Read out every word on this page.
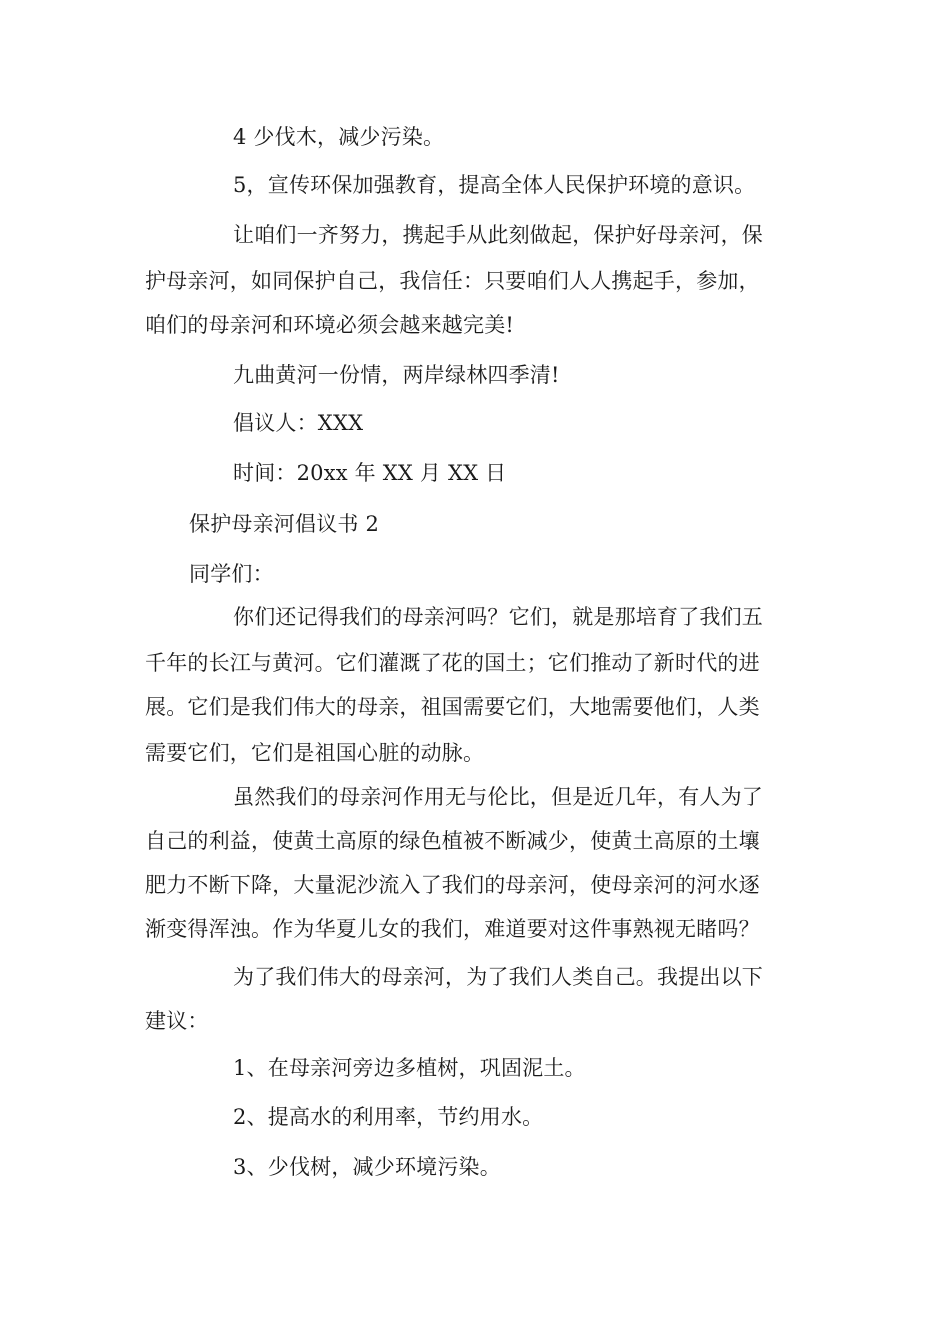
4 少伐木，减少污染。
5，宣传环保加强教育，提高全体人民保护环境的意识。
让咱们一齐努力，携起手从此刻做起，保护好母亲河，保
护母亲河，如同保护自己，我信任：只要咱们人人携起手，参加，
咱们的母亲河和环境必须会越来越完美!
九曲黄河一份情，两岸绿林四季清!
倡议人：XXX
时间：20xx 年 XX 月 XX 日
保护母亲河倡议书 2
同学们：
你们还记得我们的母亲河吗？它们，就是那培育了我们五
千年的长江与黄河。它们灌溉了花的国土；它们推动了新时代的进
展。它们是我们伟大的母亲，祖国需要它们，大地需要他们，人类
需要它们，它们是祖国心脏的动脉。
虽然我们的母亲河作用无与伦比，但是近几年，有人为了
自己的利益，使黄土高原的绿色植被不断减少，使黄土高原的土壤
肥力不断下降，大量泥沙流入了我们的母亲河，使母亲河的河水逐
渐变得浑浊。作为华夏儿女的我们，难道要对这件事熟视无睹吗？
为了我们伟大的母亲河，为了我们人类自己。我提出以下
建议：
1、在母亲河旁边多植树，巩固泥土。
2、提高水的利用率，节约用水。
3、少伐树，减少环境污染。
